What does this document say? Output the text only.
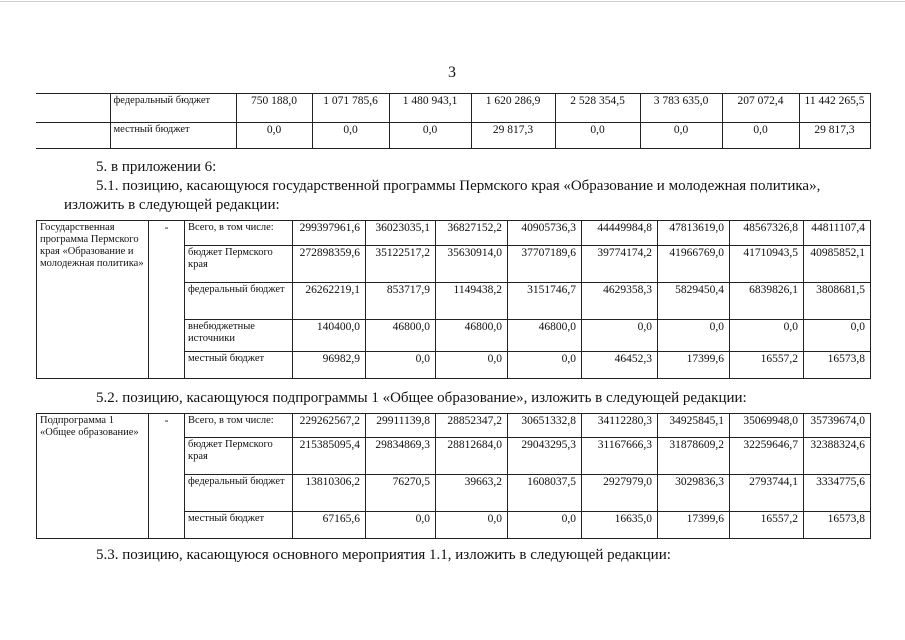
3
	федеральный бюджет	750 188,0	1 071 785,6	1 480 943,1	1 620 286,9	2 528 354,5	3 783 635,0	207 072,4	11 442 265,5
	местный бюджет	0,0	0,0	0,0	29 817,3	0,0	0,0	0,0	29 817,3
5. в приложении 6:
5.1. позицию, касающуюся государственной программы Пермского края «Образование и молодежная политика»,
изложить в следующей редакции:
Государственная программа Пермского края «Образование и молодежная политика»	-	Всего, в том числе:	299397961,6	36023035,1	36827152,2	40905736,3	44449984,8	47813619,0	48567326,8	44811107,4
		бюджет Пермского края	272898359,6	35122517,2	35630914,0	37707189,6	39774174,2	41966769,0	41710943,5	40985852,1
		федеральный бюджет	26262219,1	853717,9	1149438,2	3151746,7	4629358,3	5829450,4	6839826,1	3808681,5
		внебюджетные источники	140400,0	46800,0	46800,0	46800,0	0,0	0,0	0,0	0,0
		местный бюджет	96982,9	0,0	0,0	0,0	46452,3	17399,6	16557,2	16573,8
5.2. позицию, касающуюся подпрограммы 1 «Общее образование», изложить в следующей редакции:
Подпрограмма 1 «Общее образование»	-	Всего, в том числе:	229262567,2	29911139,8	28852347,2	30651332,8	34112280,3	34925845,1	35069948,0	35739674,0
		бюджет Пермского края	215385095,4	29834869,3	28812684,0	29043295,3	31167666,3	31878609,2	32259646,7	32388324,6
		федеральный бюджет	13810306,2	76270,5	39663,2	1608037,5	2927979,0	3029836,3	2793744,1	3334775,6
		местный бюджет	67165,6	0,0	0,0	0,0	16635,0	17399,6	16557,2	16573,8
5.3. позицию, касающуюся основного мероприятия 1.1, изложить в следующей редакции:
